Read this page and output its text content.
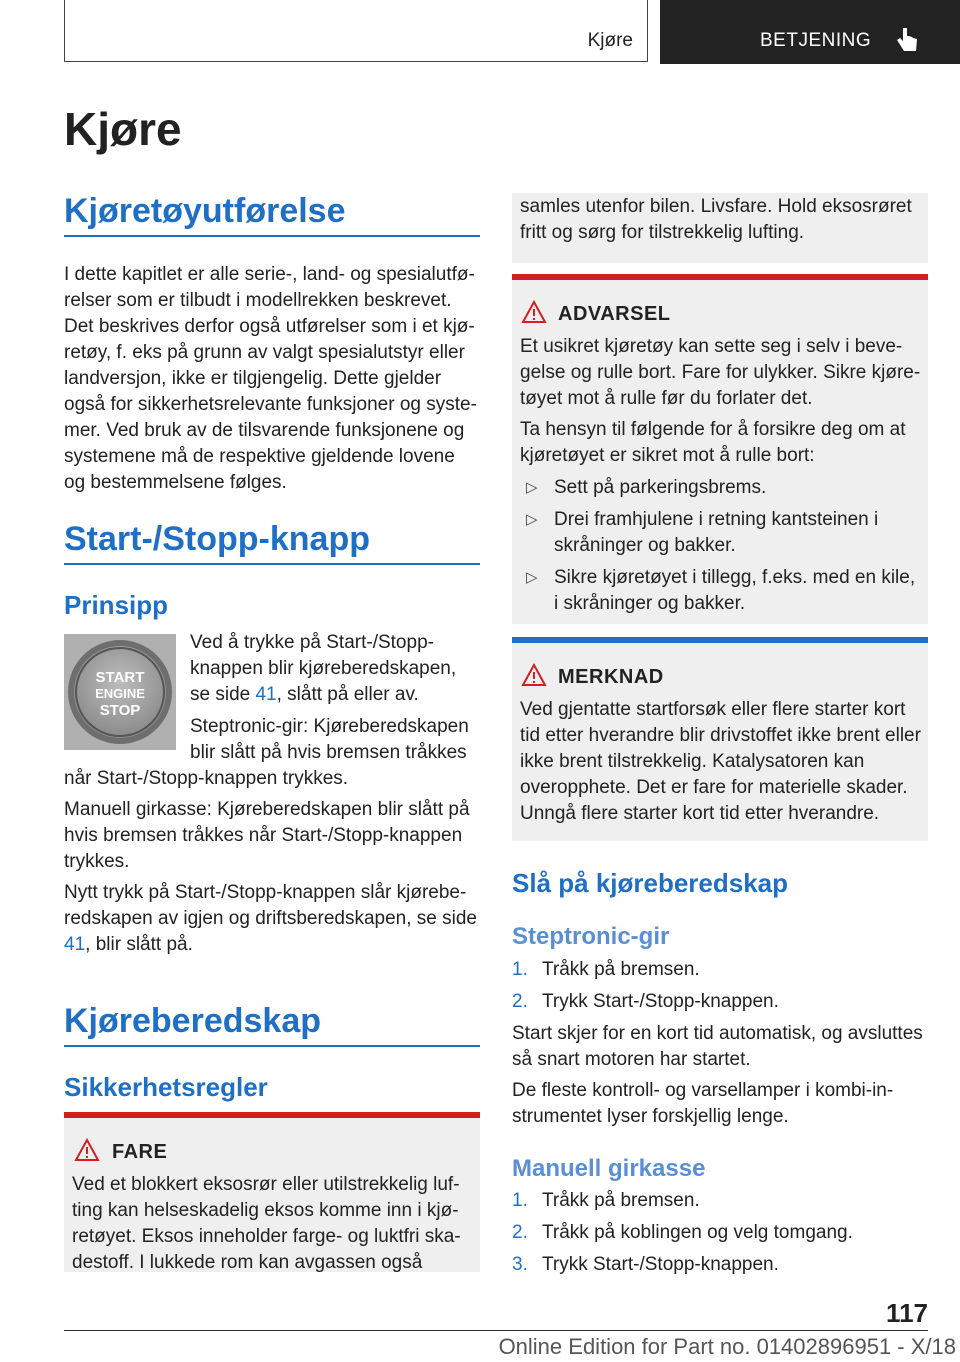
Kjøre	BETJENING
Kjøre
Kjøretøyutførelse

I dette kapitlet er alle serie-, land- og spesialutførelser som er tilbudt i modellrekken beskrevet. Det beskrives derfor også utførelser som i et kjøretøy, f. eks på grunn av valgt spesialutstyr eller landversjon, ikke er tilgjengelig. Dette gjelder også for sikkerhetsrelevante funksjoner og systemer. Ved bruk av de tilsvarende funksjonene og systemene må de respektive gjeldende lovene og bestemmelsene følges.

Start-/Stopp-knapp
Prinsipp
START
ENGINE
STOP

Ved å trykke på Start-/Stopp-knappen blir kjøreberedskapen, se side 41, slått på eller av.

Steptronic-gir: Kjøreberedskapen blir slått på hvis bremsen tråkkes

når Start-/Stopp-knappen trykkes.

Manuell girkasse: Kjøreberedskapen blir slått på hvis bremsen tråkkes når Start-/Stopp-knappen trykkes.

Nytt trykk på Start-/Stopp-knappen slår kjøreberedskapen av igjen og driftsberedskapen, se side 41, blir slått på.

Kjøreberedskap
Sikkerhetsregler
FARE

Ved et blokkert eksosrør eller utilstrekkelig lufting kan helseskadelig eksos komme inn i kjøretøyet. Eksos inneholder farge- og luktfri skadestoff. I lukkede rom kan avgassen også

samles utenfor bilen. Livsfare. Hold eksosrøret fritt og sørg for tilstrekkelig lufting.

ADVARSEL

Et usikret kjøretøy kan sette seg i selv i bevegelse og rulle bort. Fare for ulykker. Sikre kjøretøyet mot å rulle før du forlater det.

Ta hensyn til følgende for å forsikre deg om at kjøretøyet er sikret mot å rulle bort:

▷ Sett på parkeringsbrems.
▷ Drei framhjulene i retning kantsteinen i skråninger og bakker.
▷ Sikre kjøretøyet i tillegg, f.eks. med en kile, i skråninger og bakker.
MERKNAD

Ved gjentatte startforsøk eller flere starter kort tid etter hverandre blir drivstoffet ikke brent eller ikke brent tilstrekkelig. Katalysatoren kan overopphete. Det er fare for materielle skader. Unngå flere starter kort tid etter hverandre.

Slå på kjøreberedskap
Steptronic-gir
1. Tråkk på bremsen.
2. Trykk Start-/Stopp-knappen.

Start skjer for en kort tid automatisk, og avsluttes så snart motoren har startet.

De fleste kontroll- og varsellamper i kombi-instrumentet lyser forskjellig lenge.

Manuell girkasse
1. Tråkk på bremsen.
2. Tråkk på koblingen og velg tomgang.
3. Trykk Start-/Stopp-knappen.
117
Online Edition for Part no. 01402896951 - X/18
